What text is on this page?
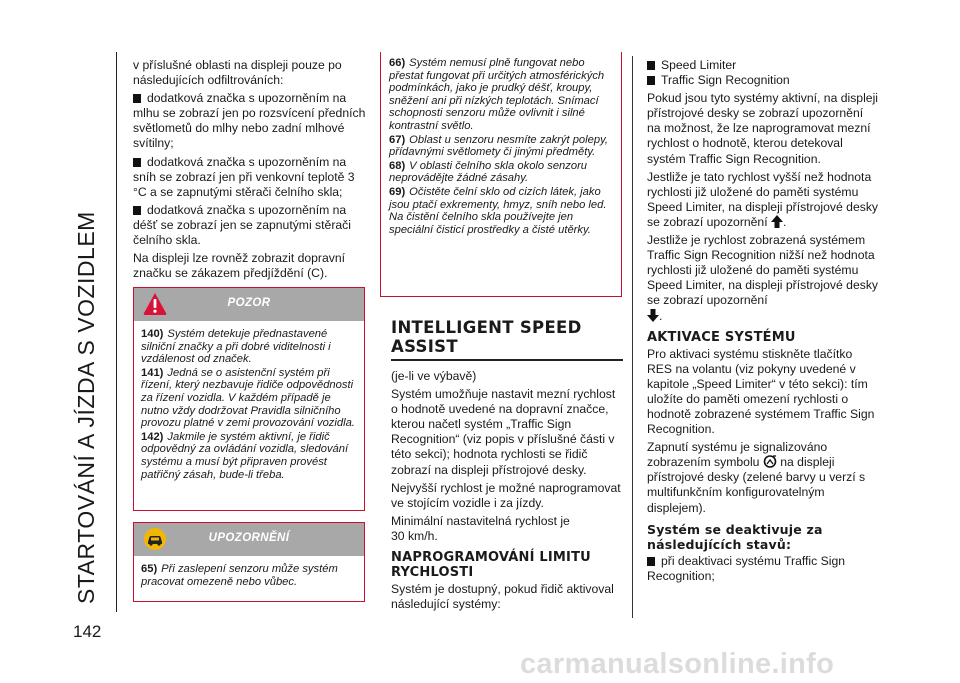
STARTOVÁNÍ A JÍZDA S VOZIDLEM
142

v příslušné oblasti na displeji pouze po následujících odfiltrováních:

dodatková značka s upozorněním na mlhu se zobrazí jen po rozsvícení předních světlometů do mlhy nebo zadní mlhové svítilny;

dodatková značka s upozorněním na sníh se zobrazí jen při venkovní teplotě 3 °C a se zapnutými stěrači čelního skla;

dodatková značka s upozorněním na déšť se zobrazí jen se zapnutými stěrači čelního skla.

Na displeji lze rovněž zobrazit dopravní značku se zákazem předjíždění (C).

POZOR

140) Systém detekuje přednastavené silniční značky a při dobré viditelnosti i vzdálenost od značek.

141) Jedná se o asistenční systém při řízení, který nezbavuje řidiče odpovědnosti za řízení vozidla. V každém případě je nutno vždy dodržovat Pravidla silničního provozu platné v zemi provozování vozidla.

142) Jakmile je systém aktivní, je řidič odpovědný za ovládání vozidla, sledování systému a musí být připraven provést patřičný zásah, bude-li třeba.

UPOZORNĚNÍ

65) Při zaslepení senzoru může systém pracovat omezeně nebo vůbec.

66) Systém nemusí plně fungovat nebo přestat fungovat při určitých atmosférických podmínkách, jako je prudký déšť, kroupy, sněžení ani při nízkých teplotách. Snímací schopnosti senzoru může ovlivnit i silné kontrastní světlo.

67) Oblast u senzoru nesmíte zakrýt polepy, přídavnými světlomety či jinými předměty.

68) V oblasti čelního skla okolo senzoru neprovádějte žádné zásahy.

69) Očistěte čelní sklo od cizích látek, jako jsou ptačí exkrementy, hmyz, sníh nebo led. Na čistění čelního skla používejte jen speciální čisticí prostředky a čisté utěrky.

INTELLIGENT SPEED ASSIST

(je-li ve výbavě)

Systém umožňuje nastavit mezní rychlost o hodnotě uvedené na dopravní značce, kterou načetl systém „Traffic Sign Recognition“ (viz popis v příslušné části v této sekci); hodnota rychlosti se řidič zobrazí na displeji přístrojové desky.

Nejvyšší rychlost je možné naprogramovat ve stojícím vozidle i za jízdy.

Minimální nastavitelná rychlost je 30 km/h.

NAPROGRAMOVÁNÍ LIMITU RYCHLOSTI

Systém je dostupný, pokud řidič aktivoval následující systémy:

Speed Limiter

Traffic Sign Recognition

Pokud jsou tyto systémy aktivní, na displeji přístrojové desky se zobrazí upozornění na možnost, že lze naprogramovat mezní rychlost o hodnotě, kterou detekoval systém Traffic Sign Recognition.

Jestliže je tato rychlost vyšší než hodnota rychlosti již uložené do paměti systému Speed Limiter, na displeji přístrojové desky se zobrazí upozornění .

Jestliže je rychlost zobrazená systémem Traffic Sign Recognition nižší než hodnota rychlosti již uložené do paměti systému Speed Limiter, na displeji přístrojové desky se zobrazí upozornění
.

AKTIVACE SYSTÉMU

Pro aktivaci systému stiskněte tlačítko RES na volantu (viz pokyny uvedené v kapitole „Speed Limiter“ v této sekci): tím uložíte do paměti omezení rychlosti o hodnotě zobrazené systémem Traffic Sign Recognition.

Zapnutí systému je signalizováno zobrazením symbolu na displeji přístrojové desky (zelené barvy u verzí s multifunkčním konfigurovatelným displejem).

Systém se deaktivuje za následujících stavů:

při deaktivaci systému Traffic Sign Recognition;

carmanualsonline.info
